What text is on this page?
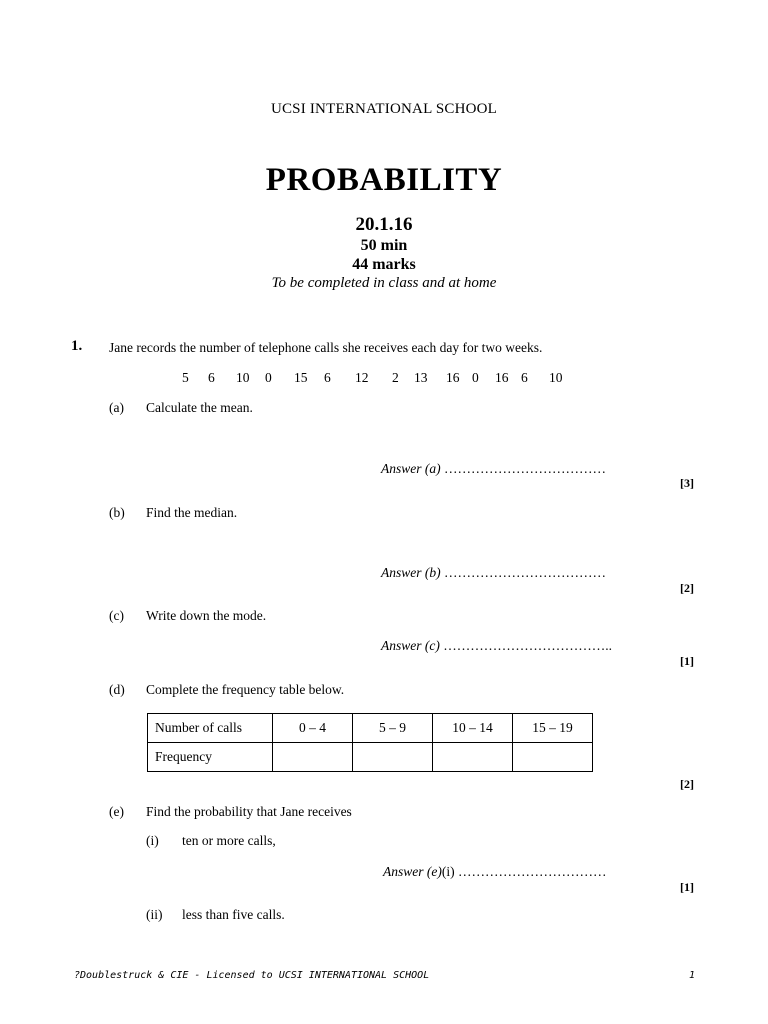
UCSI INTERNATIONAL SCHOOL
PROBABILITY
20.1.16
50 min
44 marks
To be completed in class and at home
1. Jane records the number of telephone calls she receives each day for two weeks.
5 6 10 0 15 6 12 2 13 16 0 16 6 10
(a) Calculate the mean.
Answer (a) ………………………………
[3]
(b) Find the median.
Answer (b) ………………………………
[2]
(c) Write down the mode.
Answer (c) ………………………………..
[1]
(d) Complete the frequency table below.
Number of calls	0 – 4	5 – 9	10 – 14	15 – 19
Frequency				
[2]
(e) Find the probability that Jane receives
(i) ten or more calls,
Answer (e)(i) ……………………………
[1]
(ii) less than five calls.
?Doublestruck & CIE - Licensed to UCSI INTERNATIONAL SCHOOL	1
